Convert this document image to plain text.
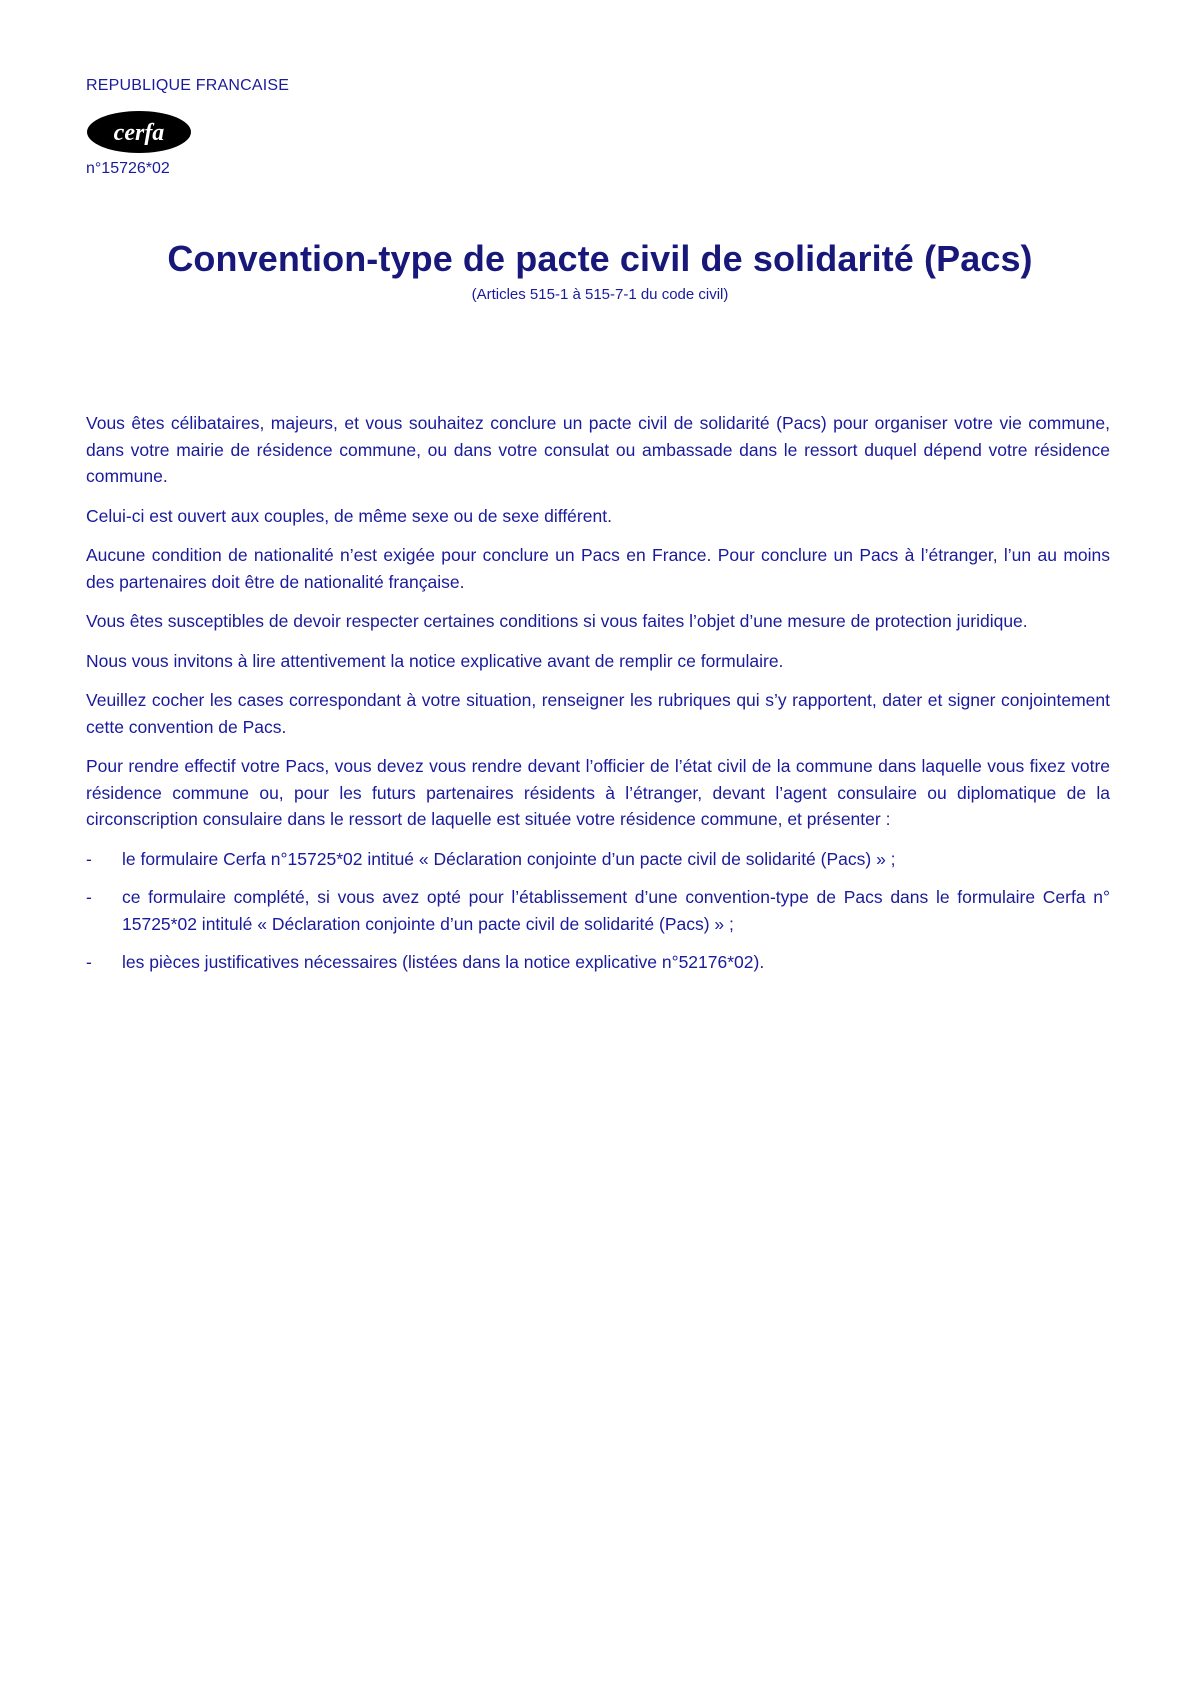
REPUBLIQUE FRANCAISE
cerfa
n°15726*02
Convention-type de pacte civil de solidarité (Pacs)
(Articles 515-1 à 515-7-1 du code civil)

Vous êtes célibataires, majeurs, et vous souhaitez conclure un pacte civil de solidarité (Pacs) pour organiser votre vie commune, dans votre mairie de résidence commune, ou dans votre consulat ou ambassade dans le ressort duquel dépend votre résidence commune.

Celui-ci est ouvert aux couples, de même sexe ou de sexe différent.

Aucune condition de nationalité n’est exigée pour conclure un Pacs en France. Pour conclure un Pacs à l’étranger, l’un au moins des partenaires doit être de nationalité française.

Vous êtes susceptibles de devoir respecter certaines conditions si vous faites l’objet d’une mesure de protection juridique.

Nous vous invitons à lire attentivement la notice explicative avant de remplir ce formulaire.

Veuillez cocher les cases correspondant à votre situation, renseigner les rubriques qui s’y rapportent, dater et signer conjointement cette convention de Pacs.

Pour rendre effectif votre Pacs, vous devez vous rendre devant l’officier de l’état civil de la commune dans laquelle vous fixez votre résidence commune ou, pour les futurs partenaires résidents à l’étranger, devant l’agent consulaire ou diplomatique de la circonscription consulaire dans le ressort de laquelle est située votre résidence commune, et présenter :

- le formulaire Cerfa n°15725*02 intitué « Déclaration conjointe d’un pacte civil de solidarité (Pacs) » ;
- ce formulaire complété, si vous avez opté pour l’établissement d’une convention-type de Pacs dans le formulaire Cerfa n° 15725*02 intitulé « Déclaration conjointe d’un pacte civil de solidarité (Pacs) » ;
- les pièces justificatives nécessaires (listées dans la notice explicative n°52176*02).
